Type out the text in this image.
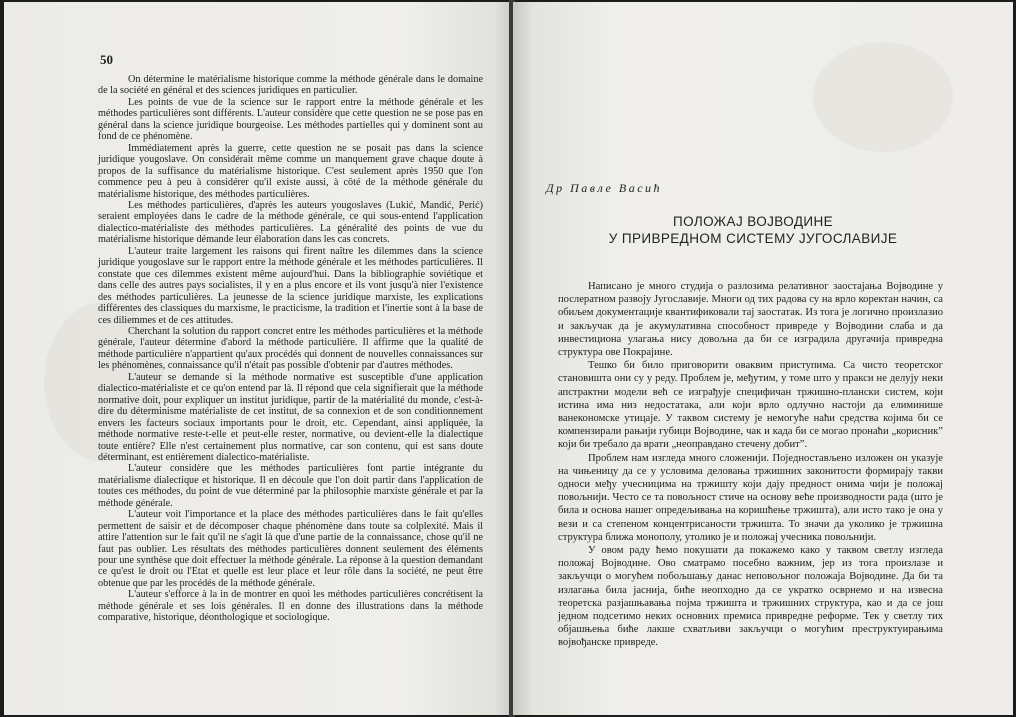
50

On détermine le matérialisme historique comme la méthode générale dans le domaine de la société en général et des sciences juridiques en particulier.

Les points de vue de la science sur le rapport entre la méthode générale et les méthodes particulières sont différents. L'auteur considère que cette question ne se pose pas en général dans la science juridique bourgeoise. Les méthodes partielles qui y dominent sont au fond de ce phénomène.

Immédiatement après la guerre, cette question ne se posait pas dans la science juridique yougoslave. On considérait même comme un manquement grave chaque doute à propos de la suffisance du matérialisme historique. C'est seulement après 1950 que l'on commence peu à peu à considérer qu'il existe aussi, à côté de la méthode générale du matérialisme historique, des méthodes particulières.

Les méthodes particulières, d'après les auteurs yougoslaves (Lukić, Mandić, Perić) seraient employées dans le cadre de la méthode générale, ce qui sous-entend l'application dialectico-matérialiste des méthodes particulières. La généralité des points de vue du matérialisme historique démande leur élaboration dans les cas concrets.

L'auteur traite largement les raisons qui firent naître les dilemmes dans la science juridique yougoslave sur le rapport entre la méthode générale et les méthodes particulières. Il constate que ces dilemmes existent même aujourd'hui. Dans la bibliographie soviétique et dans celle des autres pays socialistes, il y en a plus encore et ils vont jusqu'à nier l'existence des méthodes particulières. La jeunesse de la science juridique marxiste, les explications différentes des classiques du marxisme, le practicisme, la tradition et l'inertie sont à la base de ces diliemmes et de ces attitudes.

Cherchant la solution du rapport concret entre les méthodes particulières et la méthode générale, l'auteur détermine d'abord la méthode particulière. Il affirme que la qualité de méthode particulière n'appartient qu'aux procédés qui donnent de nouvelles connaissances sur les phénomènes, connaissance qu'il n'était pas possible d'obtenir par d'autres méthodes.

L'auteur se demande si la méthode normative est susceptible d'une application dialectico-matérialiste et ce qu'on entend par là. Il répond que cela signifierait que la méthode normative doit, pour expliquer un institut juridique, partir de la matérialité du monde, c'est-à-dire du déterminisme matérialiste de cet institut, de sa connexion et de son conditionnement envers les facteurs sociaux importants pour le droit, etc. Cependant, ainsi appliquée, la méthode normative reste-t-elle et peut-elle rester, normative, ou devient-elle la dialectique toute entière? Elle n'est certainement plus normative, car son contenu, qui est sans doute déterminant, est entièrement dialectico-matérialiste.

L'auteur considère que les méthodes particulières font partie intégrante du matérialisme dialectique et historique. Il en découle que l'on doit partir dans l'application de toutes ces méthodes, du point de vue déterminé par la philosophie marxiste générale et par la méthode générale.

L'auteur voit l'importance et la place des méthodes particulières dans le fait qu'elles permettent de saisir et de décomposer chaque phénomène dans toute sa colplexité. Mais il attire l'attention sur le fait qu'il ne s'agit là que d'une partie de la connaissance, chose qu'il ne faut pas oublier. Les résultats des méthodes particulières donnent seulement des éléments pour une synthèse que doit effectuer la méthode générale. La réponse à la question demandant ce qu'est le droit ou l'Etat et quelle est leur place et leur rôle dans la société, ne peut être obtenue que par les procédés de la méthode générale.

L'auteur s'efforce à la in de montrer en quoi les méthodes particulières concrétisent la méthode générale et ses lois générales. Il en donne des illustrations dans la méthode comparative, historique, déonthologique et sociologique.

Др Павле Васић
ПОЛОЖАЈ ВОЈВОДИНЕ
У ПРИВРЕДНОМ СИСТЕМУ ЈУГОСЛАВИЈЕ

Написано је много студија о разлозима релативног заостајања Војводине у послератном развоју Југославије. Многи од тих радова су на врло коректан начин, са обиљем документације квантификовали тај заостатак. Из тога је логично произлазио и закључак да је акумулативна способност привреде у Војводини слаба и да инвестициона улагања нису довољна да би се изградила другачија привредна структура ове Покрајине.

Тешко би било приговорити оваквим приступима. Са чисто теоретског становишта они су у реду. Проблем је, међутим, у томе што у пракси не делују неки апстрактни модели већ се изграђује специфичан тржишно-плански систем, који истина има низ недостатака, али који врло одлучно настоји да елиминише ванекономске утицаје. У таквом систему је немогуће наћи средства којима би се компензирали рањији губици Војводине, чак и када би се могао пронаћи „корисник” који би требало да врати „неоправдано стечену добит”.

Проблем нам изгледа много сложенији. Поједностављено изложен он указује на чињеницу да се у условима деловања тржишних законитости формирају такви односи међу учесницима на тржишту који дају предност онима чији је положај повољнији. Често се та повољност стиче на основу веће производности рада (што је била и основа нашег опредељивања на коришћење тржишта), али исто тако је она у вези и са степеном концентрисаности тржишта. То значи да уколико је тржишна структура ближа монополу, утолико је и положај учесника повољнији.

У овом раду ћемо покушати да покажемо како у таквом светлу изгледа положај Војводине. Ово сматрамо посебно важним, јер из тога произлазе и закључци о могућем побољшању данас неповољног положаја Војводине. Да би та излагања била јаснија, биће неопходно да се укратко осврнемо и на извесна теоретска разјашњавања појма тржишта и тржишних структура, као и да се још једном подсетимо неких основних премиса привредне реформе. Тек у светлу тих објашњења биће лакше схватљиви закључци о могућим преструктуирањима војвођанске привреде.
